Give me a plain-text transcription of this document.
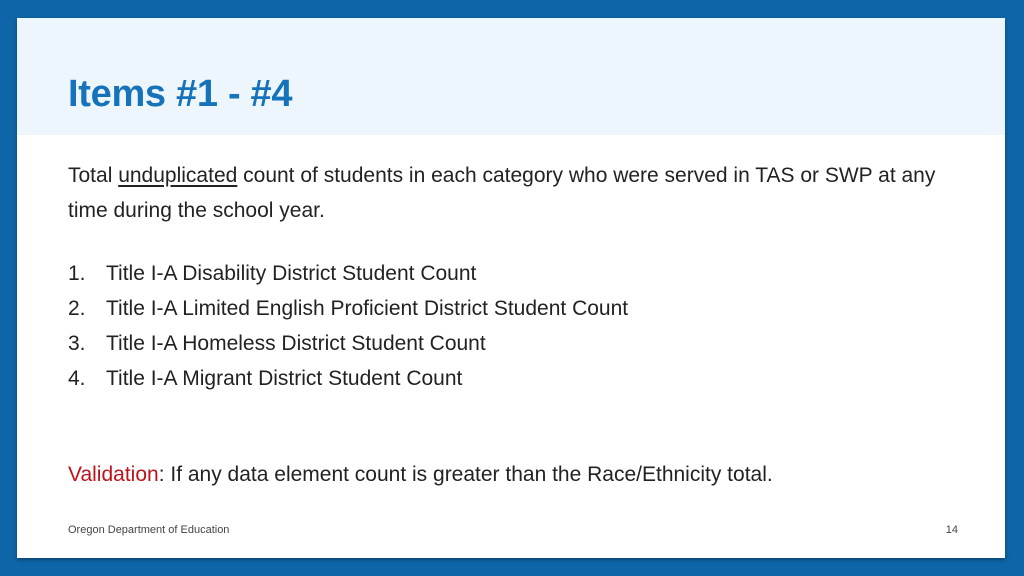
Items #1 - #4

Total unduplicated count of students in each category who were served in TAS or SWP at any time during the school year.

1. Title I-A Disability District Student Count
2. Title I-A Limited English Proficient District Student Count
3. Title I-A Homeless District Student Count
4. Title I-A Migrant District Student Count

Validation: If any data element count is greater than the Race/Ethnicity total.

Oregon Department of Education	14
